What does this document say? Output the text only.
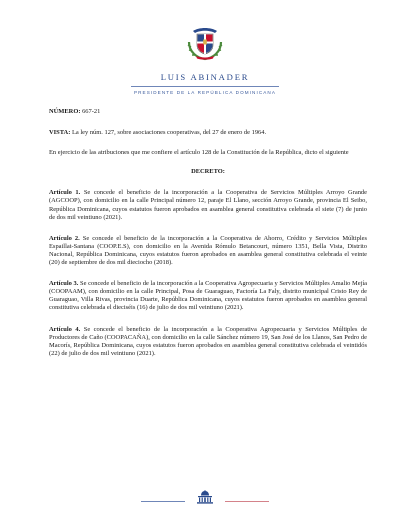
LUIS ABINADER
PRESIDENTE DE LA REPÚBLICA DOMINICANA

NÚMERO: 667-21

VISTA: La ley núm. 127, sobre asociaciones cooperativas, del 27 de enero de 1964.

En ejercicio de las atribuciones que me confiere el artículo 128 de la Constitución de la República, dicto el siguiente

DECRETO:

Artículo 1. Se concede el beneficio de la incorporación a la Cooperativa de Servicios Múltiples Arroyo Grande (AGCOOP), con domicilio en la calle Principal número 12, paraje El Llano, sección Arroyo Grande, provincia El Seibo, República Dominicana, cuyos estatutos fueron aprobados en asamblea general constitutiva celebrada el siete (7) de junio de dos mil veintiuno (2021).

Artículo 2. Se concede el beneficio de la incorporación a la Cooperativa de Ahorro, Crédito y Servicios Múltiples Espaillat-Santana (COOP.E.S), con domicilio en la Avenida Rómulo Betancourt, número 1351, Bella Vista, Distrito Nacional, República Dominicana, cuyos estatutos fueron aprobados en asamblea general constitutiva celebrada el veinte (20) de septiembre de dos mil dieciocho (2018).

Artículo 3. Se concede el beneficio de la incorporación a la Cooperativa Agropecuaria y Servicios Múltiples Amalio Mejía (COOPAAM), con domicilio en la calle Principal, Posa de Guaraguao, Factoría La Faly, distrito municipal Cristo Rey de Guaraguao, Villa Rivas, provincia Duarte, República Dominicana, cuyos estatutos fueron aprobados en asamblea general constitutiva celebrada el dieciséis (16) de julio de dos mil veintiuno (2021).

Artículo 4. Se concede el beneficio de la incorporación a la Cooperativa Agropecuaria y Servicios Múltiples de Productores de Caño (COOPACAÑA), con domicilio en la calle Sánchez número 19, San José de los Llanos, San Pedro de Macorís, República Dominicana, cuyos estatutos fueron aprobados en asamblea general constitutiva celebrada el veintidós (22) de julio de dos mil veintiuno (2021).
